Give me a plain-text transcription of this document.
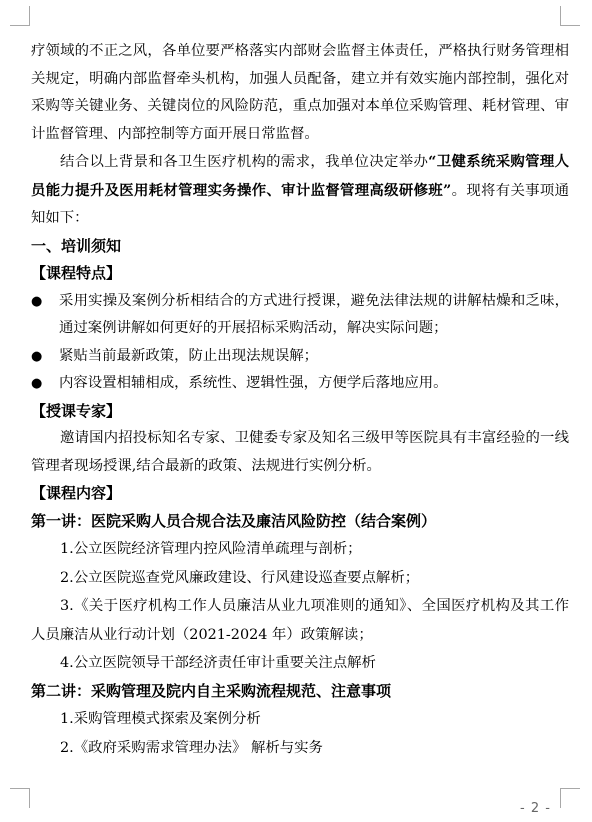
疗领域的不正之风，各单位要严格落实内部财会监督主体责任，严格执行财务管理相关规定，明确内部监督牵头机构，加强人员配备，建立并有效实施内部控制，强化对采购等关键业务、关键岗位的风险防范，重点加强对本单位采购管理、耗材管理、审计监督管理、内部控制等方面开展日常监督。

结合以上背景和各卫生医疗机构的需求，我单位决定举办“卫健系统采购管理人员能力提升及医用耗材管理实务操作、审计监督管理高级研修班”。现将有关事项通知如下：

一、培训须知

【课程特点】

●	采用实操及案例分析相结合的方式进行授课，避免法律法规的讲解枯燥和乏味，通过案例讲解如何更好的开展招标采购活动，解决实际问题；
●	紧贴当前最新政策，防止出现法规误解；
●	内容设置相辅相成，系统性、逻辑性强，方便学后落地应用。

【授课专家】

邀请国内招投标知名专家、卫健委专家及知名三级甲等医院具有丰富经验的一线管理者现场授课,结合最新的政策、法规进行实例分析。

【课程内容】

第一讲：医院采购人员合规合法及廉洁风险防控（结合案例）

1.公立医院经济管理内控风险清单疏理与剖析；

2.公立医院巡查党风廉政建设、行风建设巡查要点解析；

3.《关于医疗机构工作人员廉洁从业九项准则的通知》、全国医疗机构及其工作人员廉洁从业行动计划（2021-2024 年）政策解读；

4.公立医院领导干部经济责任审计重要关注点解析

第二讲：采购管理及院内自主采购流程规范、注意事项

1.采购管理模式探索及案例分析

2.《政府采购需求管理办法》 解析与实务

- 2 -
